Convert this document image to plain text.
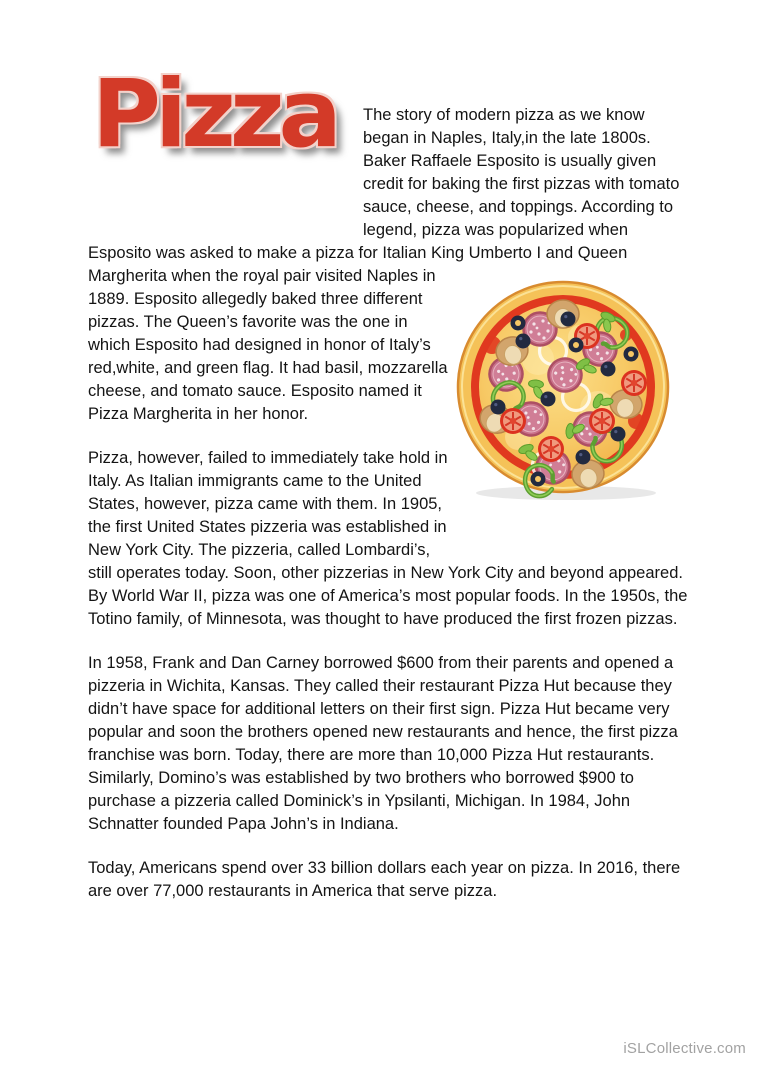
Pizza	The story of modern pizza as we know began in Naples, Italy,in the late 1800s. Baker Raffaele Esposito is usually given credit for baking the first pizzas with tomato sauce, cheese, and toppings. According to legend, pizza was popularized when Esposito was asked to make a pizza for Italian King Umberto I and Queen Margherita
when the royal pair visited Naples in 1889. Esposito allegedly baked three different pizzas. The Queen’s favorite was the one in which Esposito had designed in honor of Italy’s red,white, and green flag. It had basil, mozzarella cheese, and tomato sauce. Esposito named it Pizza Margherita in her honor.

Pizza, however, failed to immediately take hold in Italy. As Italian immigrants came to the United States, however, pizza came with them. In 1905, the first United States pizzeria was established in New York City. The pizzeria, called Lombardi’s, still operates today. Soon, other pizzerias in New York City and beyond appeared. By World War II, pizza was one of America’s most popular foods. In the 1950s, the Totino family, of Minnesota, was thought to have produced the first frozen pizzas.

In 1958, Frank and Dan Carney borrowed $600 from their parents and opened a pizzeria in Wichita, Kansas. They called their restaurant Pizza Hut because they didn’t have space for additional letters on their first sign. Pizza Hut became very popular and soon the brothers opened new restaurants and hence, the first pizza franchise was born. Today, there are more than 10,000 Pizza Hut restaurants. Similarly, Domino’s was established by two brothers who borrowed $900 to purchase a pizzeria called Dominick’s in Ypsilanti, Michigan. In 1984, John Schnatter founded Papa John’s in Indiana.

Today, Americans spend over 33 billion dollars each year on pizza. In 2016, there are over 77,000 restaurants in America that serve pizza.

iSLCollective.com
